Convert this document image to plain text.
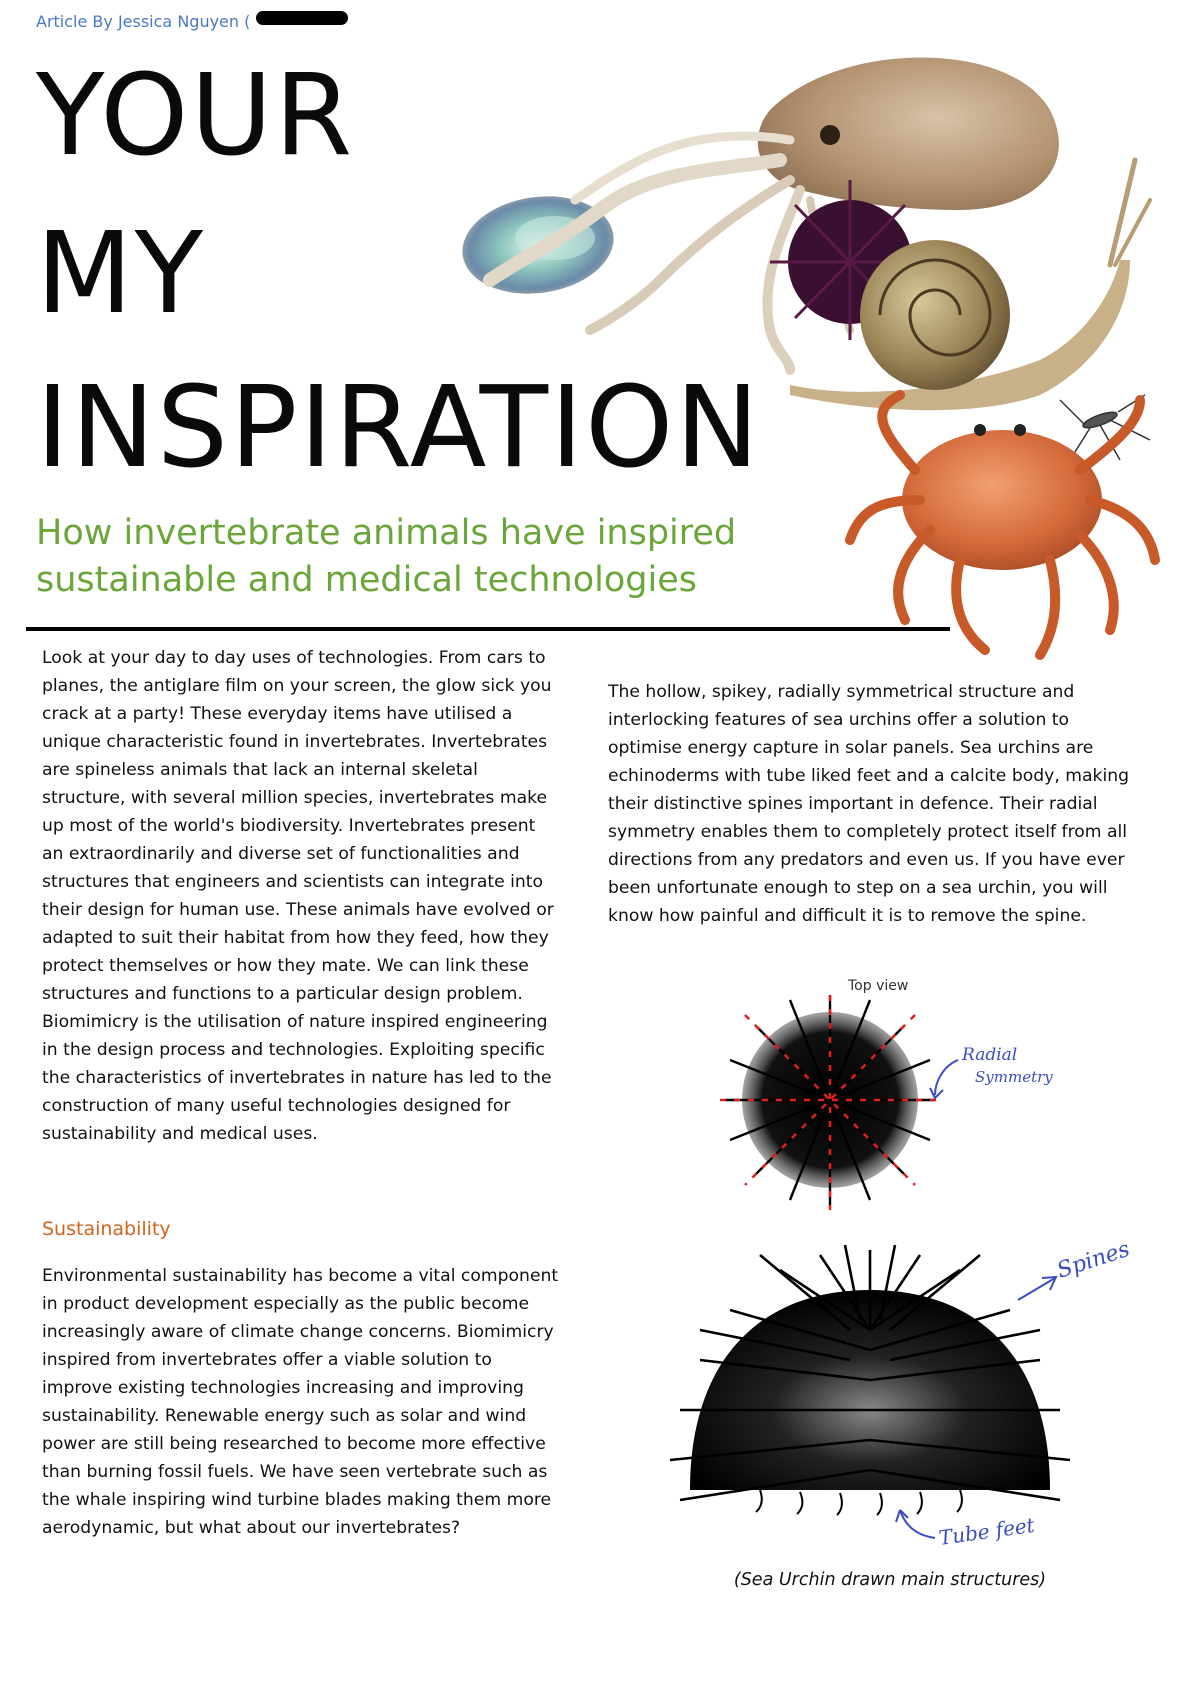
Article By Jessica Nguyen (
YOUR
MY
INSPIRATION
How invertebrate animals have inspired sustainable and medical technologies

Look at your day to day uses of technologies. From cars to planes, the antiglare film on your screen, the glow sick you crack at a party! These everyday items have utilised a unique characteristic found in invertebrates. Invertebrates are spineless animals that lack an internal skeletal structure, with several million species, invertebrates make up most of the world's biodiversity. Invertebrates present an extraordinarily and diverse set of functionalities and structures that engineers and scientists can integrate into their design for human use. These animals have evolved or adapted to suit their habitat from how they feed, how they protect themselves or how they mate. We can link these structures and functions to a particular design problem. Biomimicry is the utilisation of nature inspired engineering in the design process and technologies. Exploiting specific the characteristics of invertebrates in nature has led to the construction of many useful technologies designed for sustainability and medical uses.

Sustainability

Environmental sustainability has become a vital component in product development especially as the public become increasingly aware of climate change concerns. Biomimicry inspired from invertebrates offer a viable solution to improve existing technologies increasing and improving sustainability. Renewable energy such as solar and wind power are still being researched to become more effective than burning fossil fuels. We have seen vertebrate such as the whale inspiring wind turbine blades making them more aerodynamic, but what about our invertebrates?

The hollow, spikey, radially symmetrical structure and interlocking features of sea urchins offer a solution to optimise energy capture in solar panels. Sea urchins are echinoderms with tube liked feet and a calcite body, making their distinctive spines important in defence. Their radial symmetry enables them to completely protect itself from all directions from any predators and even us. If you have ever been unfortunate enough to step on a sea urchin, you will know how painful and difficult it is to remove the spine.

(Sea Urchin drawn main structures)
Top view
Radial
Symmetry
Spines
Tube feet
